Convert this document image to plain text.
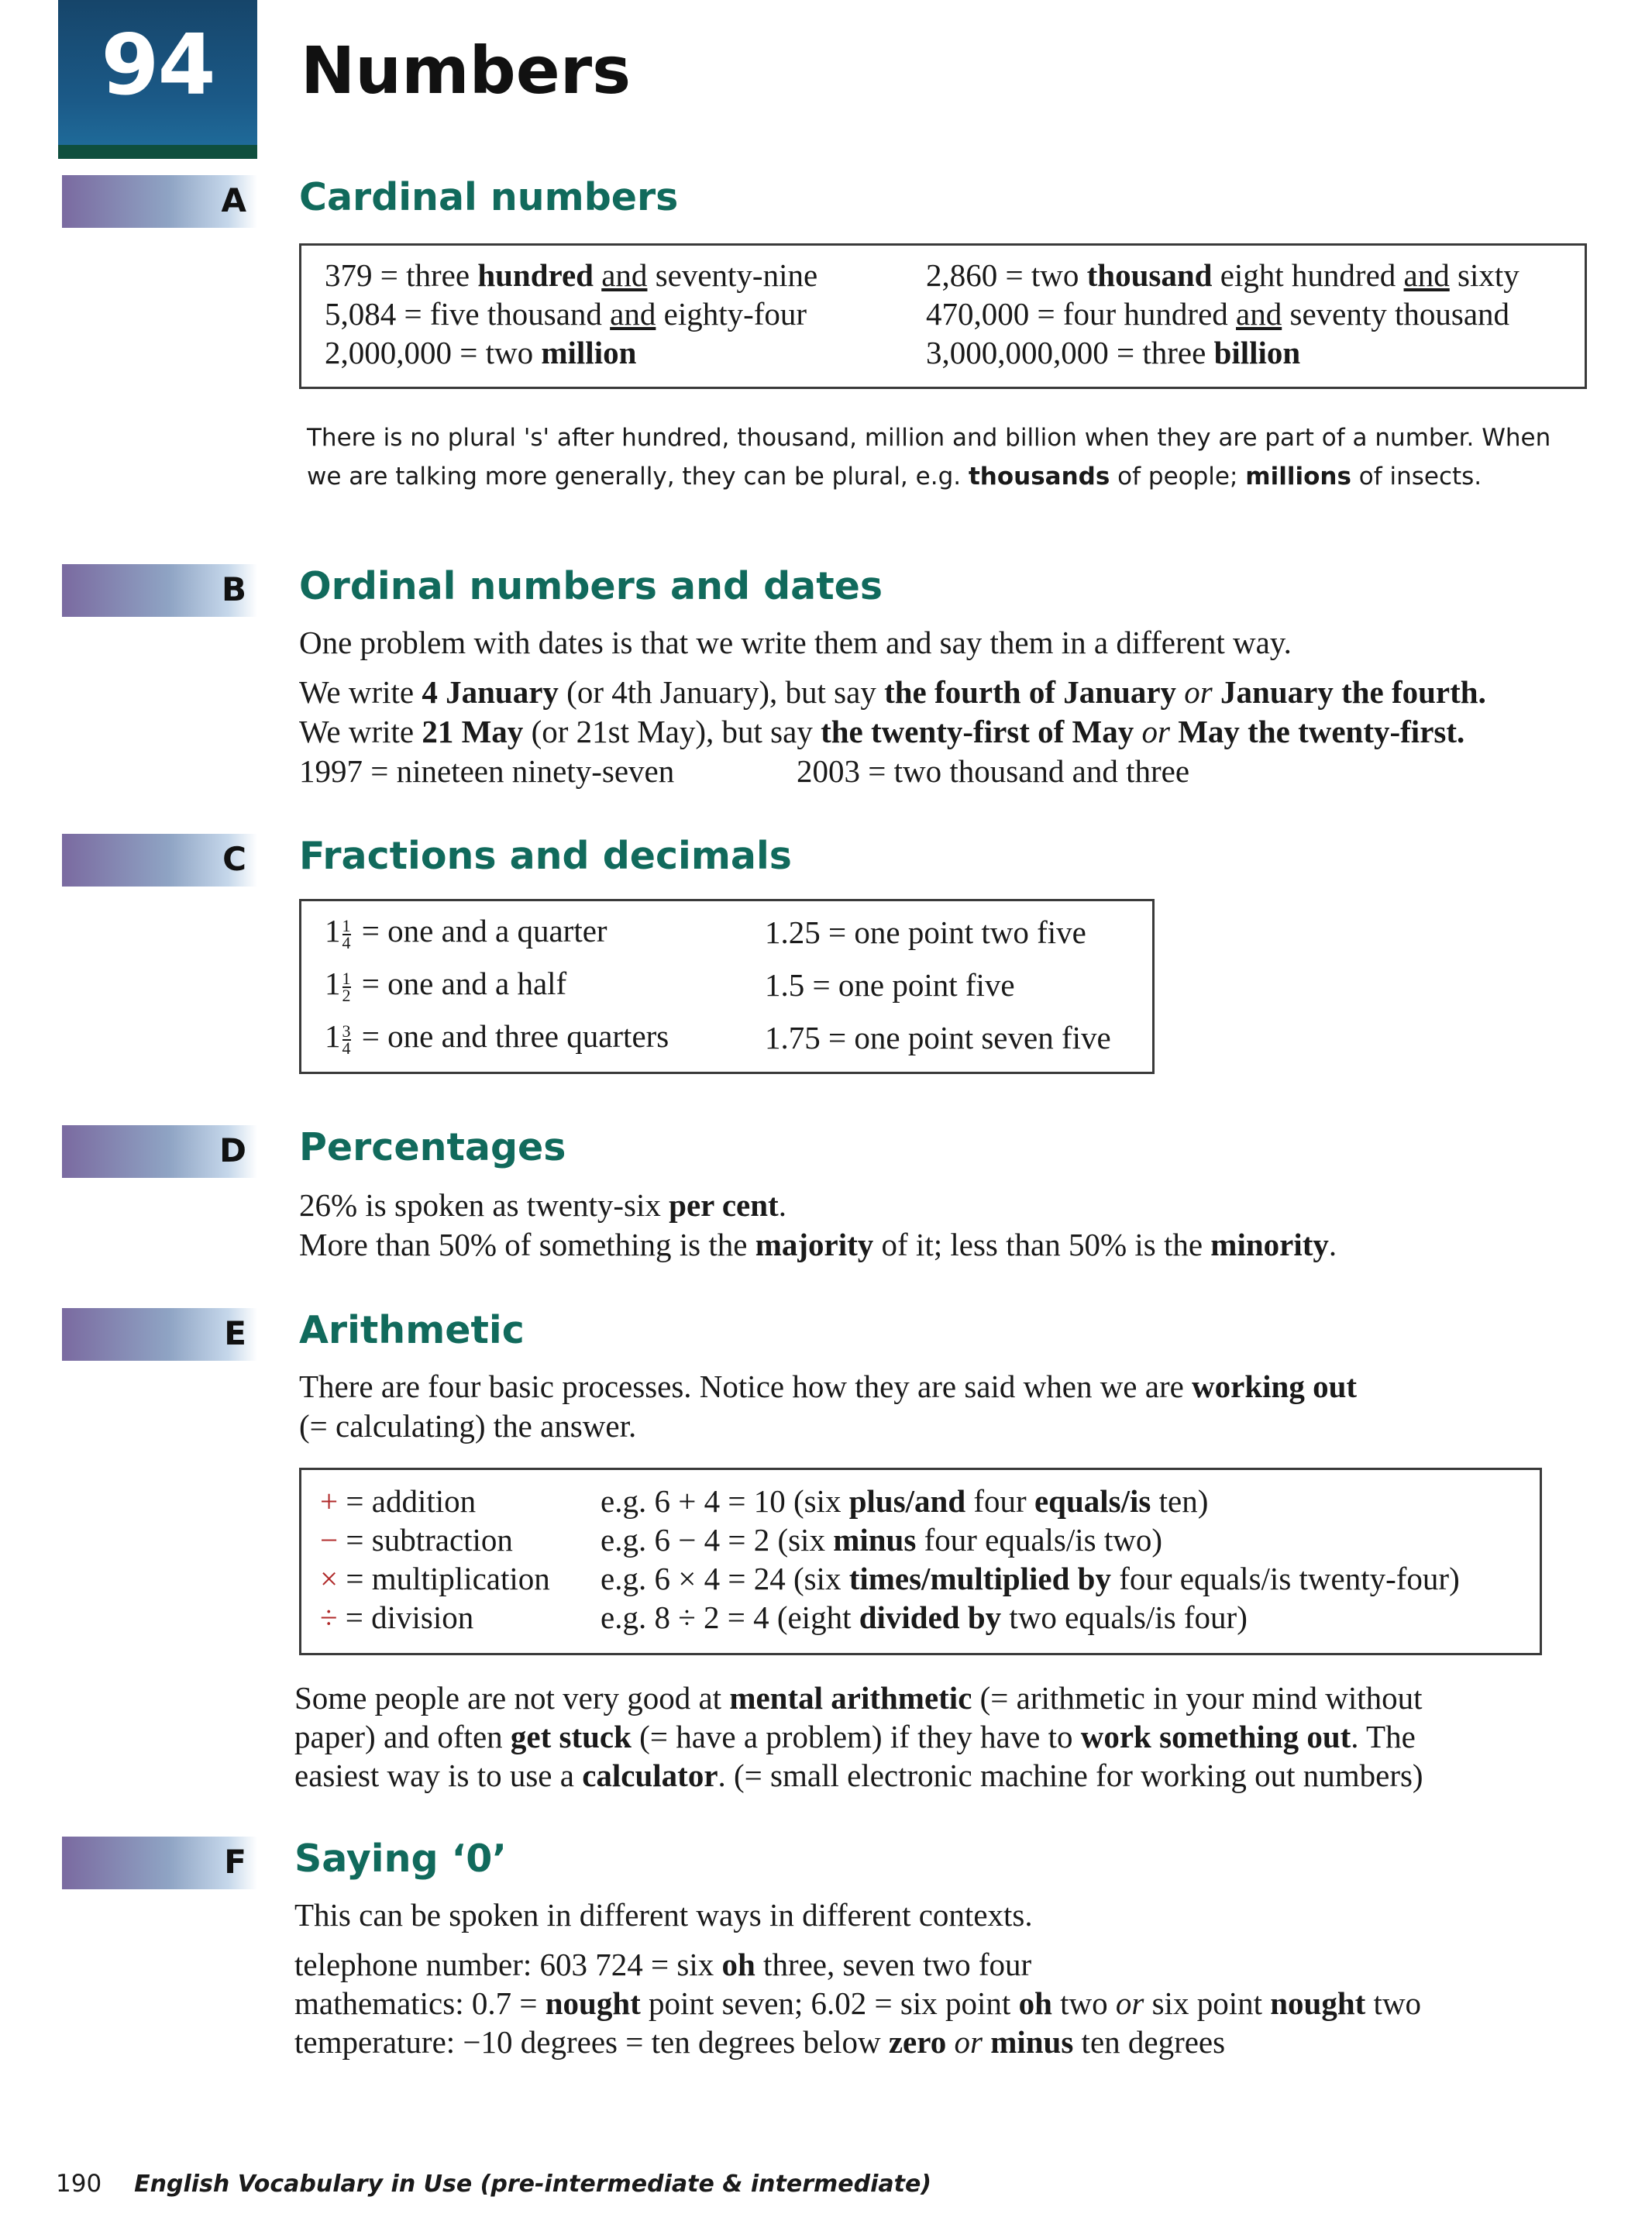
94	Numbers
A Cardinal numbers
379 = three hundred and seventy-nine
5,084 = five thousand and eighty-four
2,000,000 = two million
2,860 = two thousand eight hundred and sixty
470,000 = four hundred and seventy thousand
3,000,000,000 = three billion
There is no plural 's' after hundred, thousand, million and billion when they are part of a number. When
we are talking more generally, they can be plural, e.g. thousands of people; millions of insects.
B Ordinal numbers and dates
One problem with dates is that we write them and say them in a different way.
We write 4 January (or 4th January), but say the fourth of January or January the fourth.
We write 21 May (or 21st May), but say the twenty-first of May or May the twenty-first.
1997 = nineteen ninety-seven	2003 = two thousand and three
C Fractions and decimals
$1 \frac{1}{4}$ = one and a quarter
$1 \frac{1}{2}$ = one and a half
$1 \frac{3}{4}$ = one and three quarters
1.25 = one point two five
1.5 = one point five
1.75 = one point seven five
D Percentages
26% is spoken as twenty-six per cent.
More than 50% of something is the majority of it; less than 50% is the minority.
E Arithmetic
There are four basic processes. Notice how they are said when we are working out
(= calculating) the answer.
+ = addition
− = subtraction
× = multiplication
÷ = division
e.g. 6 + 4 = 10 (six plus/and four equals/is ten)
e.g. 6 − 4 = 2 (six minus four equals/is two)
e.g. 6 × 4 = 24 (six times/multiplied by four equals/is twenty-four)
e.g. 8 ÷ 2 = 4 (eight divided by two equals/is four)
Some people are not very good at mental arithmetic (= arithmetic in your mind without
paper) and often get stuck (= have a problem) if they have to work something out. The
easiest way is to use a calculator. (= small electronic machine for working out numbers)
F Saying ‘0’
This can be spoken in different ways in different contexts.
telephone number: 603 724 = six oh three, seven two four
mathematics: 0.7 = nought point seven; 6.02 = six point oh two or six point nought two
temperature: −10 degrees = ten degrees below zero or minus ten degrees
190 English Vocabulary in Use (pre-intermediate & intermediate)
